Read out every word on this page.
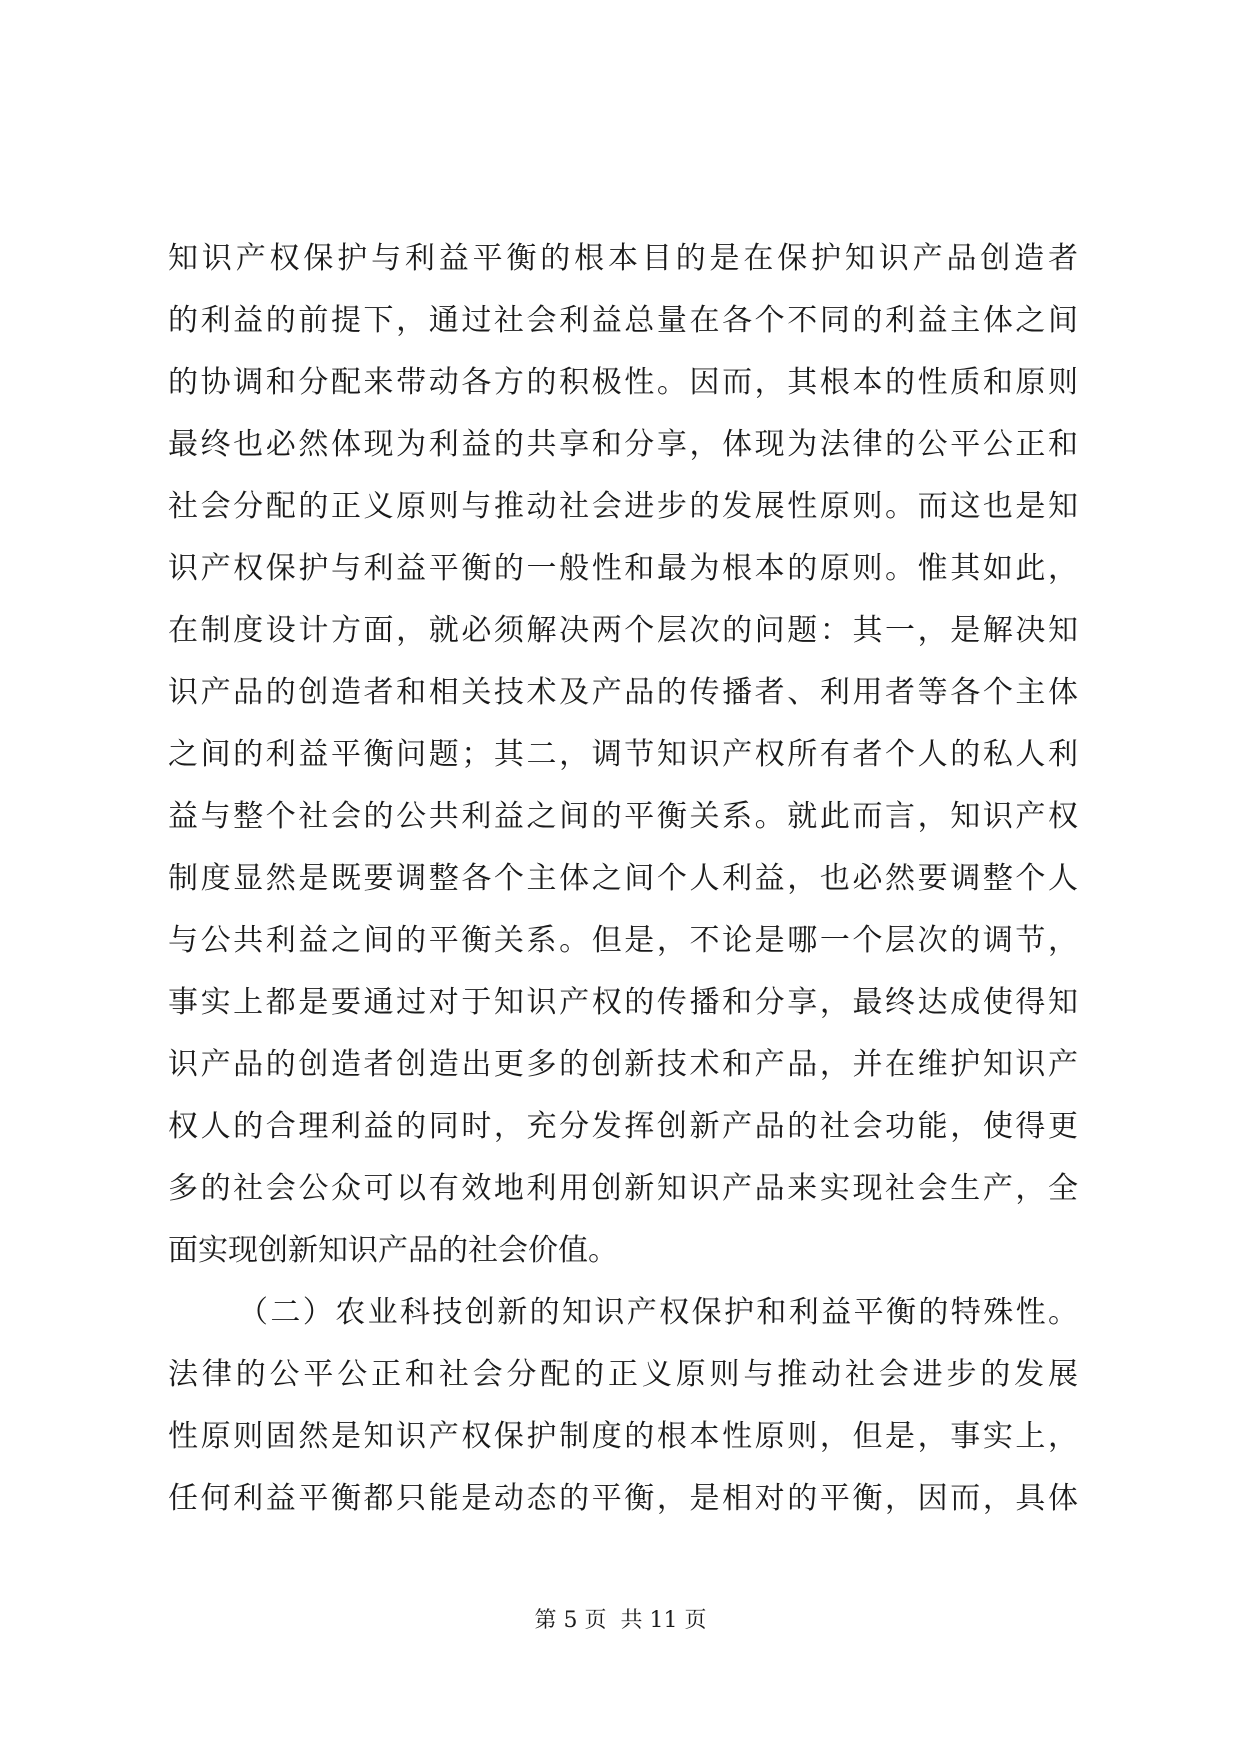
知识产权保护与利益平衡的根本目的是在保护知识产品创造者
的利益的前提下，通过社会利益总量在各个不同的利益主体之间
的协调和分配来带动各方的积极性。因而，其根本的性质和原则
最终也必然体现为利益的共享和分享，体现为法律的公平公正和
社会分配的正义原则与推动社会进步的发展性原则。而这也是知
识产权保护与利益平衡的一般性和最为根本的原则。惟其如此，
在制度设计方面，就必须解决两个层次的问题：其一，是解决知
识产品的创造者和相关技术及产品的传播者、利用者等各个主体
之间的利益平衡问题；其二，调节知识产权所有者个人的私人利
益与整个社会的公共利益之间的平衡关系。就此而言，知识产权
制度显然是既要调整各个主体之间个人利益，也必然要调整个人
与公共利益之间的平衡关系。但是，不论是哪一个层次的调节，
事实上都是要通过对于知识产权的传播和分享，最终达成使得知
识产品的创造者创造出更多的创新技术和产品，并在维护知识产
权人的合理利益的同时，充分发挥创新产品的社会功能，使得更
多的社会公众可以有效地利用创新知识产品来实现社会生产，全
面实现创新知识产品的社会价值。
（二）农业科技创新的知识产权保护和利益平衡的特殊性。
法律的公平公正和社会分配的正义原则与推动社会进步的发展
性原则固然是知识产权保护制度的根本性原则，但是，事实上，
任何利益平衡都只能是动态的平衡，是相对的平衡，因而，具体
第 5 页 共 11 页
